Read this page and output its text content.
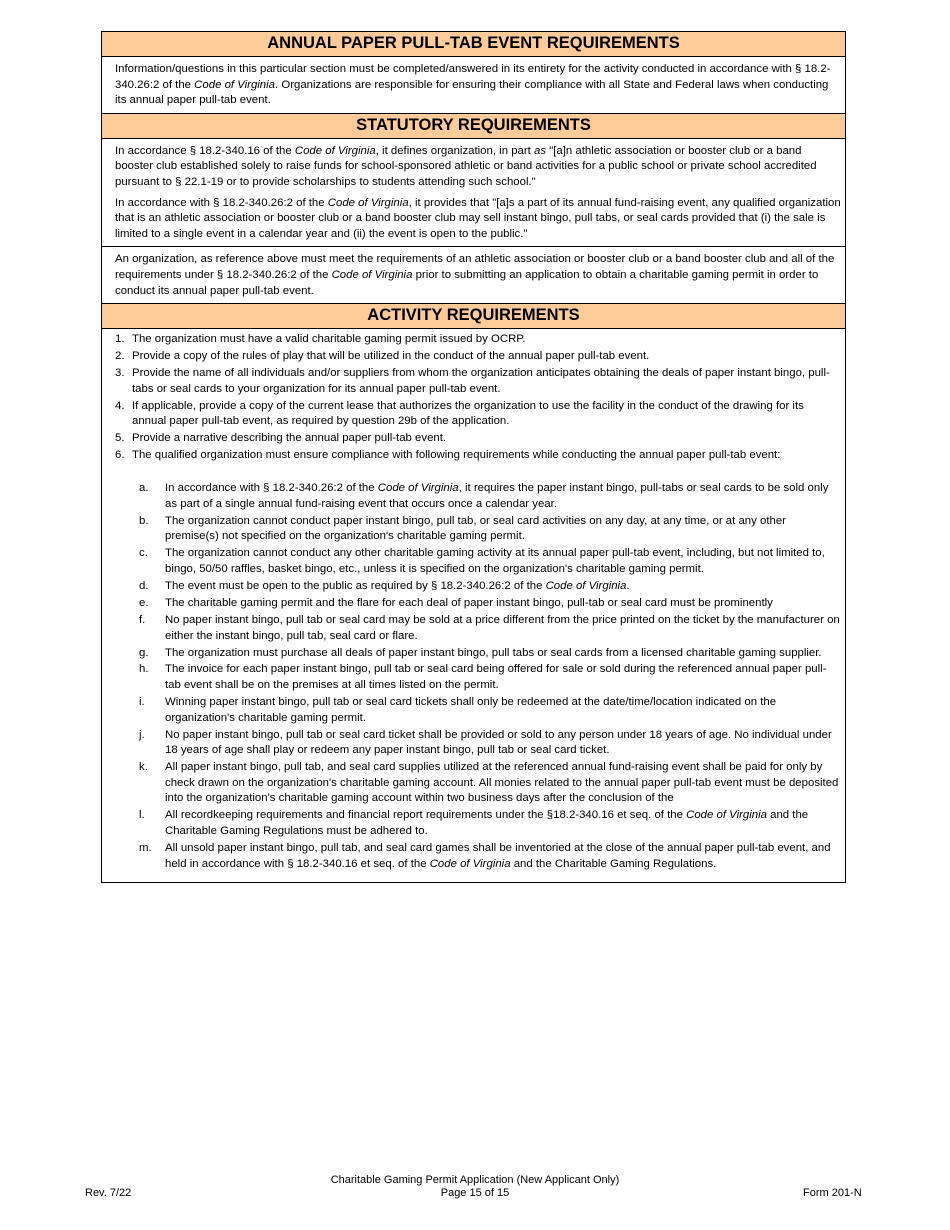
ANNUAL PAPER PULL-TAB EVENT REQUIREMENTS

Information/questions in this particular section must be completed/answered in its entirety for the activity conducted in accordance with § 18.2-340.26:2 of the Code of Virginia. Organizations are responsible for ensuring their compliance with all State and Federal laws when conducting its annual paper pull-tab event.

STATUTORY REQUIREMENTS

In accordance § 18.2-340.16 of the Code of Virginia, it defines organization, in part as "[a]n athletic association or booster club or a band booster club established solely to raise funds for school-sponsored athletic or band activities for a public school or private school accredited pursuant to § 22.1-19 or to provide scholarships to students attending such school."

In accordance with § 18.2-340.26:2 of the Code of Virginia, it provides that "[a]s a part of its annual fund-raising event, any qualified organization that is an athletic association or booster club or a band booster club may sell instant bingo, pull tabs, or seal cards provided that (i) the sale is limited to a single event in a calendar year and (ii) the event is open to the public."

An organization, as reference above must meet the requirements of an athletic association or booster club or a band booster club and all of the requirements under § 18.2-340.26:2 of the Code of Virginia prior to submitting an application to obtain a charitable gaming permit in order to conduct its annual paper pull-tab event.

ACTIVITY REQUIREMENTS
1. The organization must have a valid charitable gaming permit issued by OCRP.
2. Provide a copy of the rules of play that will be utilized in the conduct of the annual paper pull-tab event.
3. Provide the name of all individuals and/or suppliers from whom the organization anticipates obtaining the deals of paper instant bingo, pull-tabs or seal cards to your organization for its annual paper pull-tab event.
4. If applicable, provide a copy of the current lease that authorizes the organization to use the facility in the conduct of the drawing for its annual paper pull-tab event, as required by question 29b of the application.
5. Provide a narrative describing the annual paper pull-tab event.
6. The qualified organization must ensure compliance with following requirements while conducting the annual paper pull-tab event:
a.	In accordance with § 18.2-340.26:2 of the Code of Virginia, it requires the paper instant bingo, pull-tabs or seal cards to be sold only as part of a single annual fund-raising event that occurs once a calendar year.
b.	The organization cannot conduct paper instant bingo, pull tab, or seal card activities on any day, at any time, or at any other premise(s) not specified on the organization's charitable gaming permit.
c.	The organization cannot conduct any other charitable gaming activity at its annual paper pull-tab event, including, but not limited to, bingo, 50/50 raffles, basket bingo, etc., unless it is specified on the organization's charitable gaming permit.
d.	The event must be open to the public as required by § 18.2-340.26:2 of the Code of Virginia.
e.	The charitable gaming permit and the flare for each deal of paper instant bingo, pull-tab or seal card must be prominently
f.	No paper instant bingo, pull tab or seal card may be sold at a price different from the price printed on the ticket by the manufacturer on either the instant bingo, pull tab, seal card or flare.
g.	The organization must purchase all deals of paper instant bingo, pull tabs or seal cards from a licensed charitable gaming supplier.
h.	The invoice for each paper instant bingo, pull tab or seal card being offered for sale or sold during the referenced annual paper pull-tab event shall be on the premises at all times listed on the permit.
i.	Winning paper instant bingo, pull tab or seal card tickets shall only be redeemed at the date/time/location indicated on the organization's charitable gaming permit.
j.	No paper instant bingo, pull tab or seal card ticket shall be provided or sold to any person under 18 years of age. No individual under 18 years of age shall play or redeem any paper instant bingo, pull tab or seal card ticket.
k.	All paper instant bingo, pull tab, and seal card supplies utilized at the referenced annual fund-raising event shall be paid for only by check drawn on the organization's charitable gaming account. All monies related to the annual paper pull-tab event must be deposited into the organization's charitable gaming account within two business days after the conclusion of the
l.	All recordkeeping requirements and financial report requirements under the §18.2-340.16 et seq. of the Code of Virginia and the Charitable Gaming Regulations must be adhered to.
m.	All unsold paper instant bingo, pull tab, and seal card games shall be inventoried at the close of the annual paper pull-tab event, and held in accordance with § 18.2-340.16 et seq. of the Code of Virginia and the Charitable Gaming Regulations.
Rev. 7/22
Charitable Gaming Permit Application (New Applicant Only)
Page 15 of 15	Form 201-N
